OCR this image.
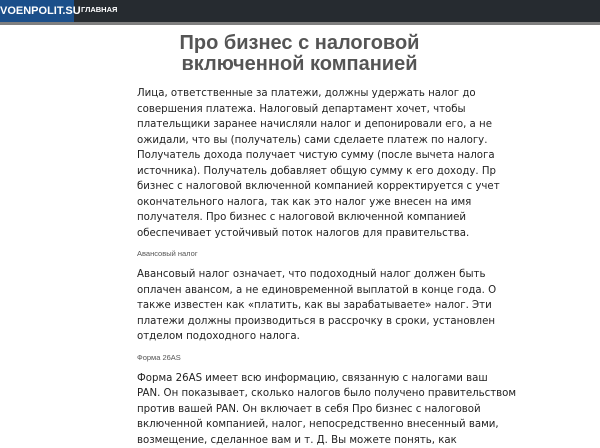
VOENPOLIT.SU ГЛАВНАЯ
Про бизнес с налоговой
включенной компанией
Лица, ответственные за платежи, должны удержать налог до
совершения платежа. Налоговый департамент хочет, чтобы
плательщики заранее начисляли налог и депонировали его, а не
ожидали, что вы (получатель) сами сделаете платеж по налогу.
Получатель дохода получает чистую сумму (после вычета налога
источника). Получатель добавляет общую сумму к его доходу. Пр
бизнес с налоговой включенной компанией корректируется с учет
окончательного налога, так как это налог уже внесен на имя
получателя. Про бизнес с налоговой включенной компанией
обеспечивает устойчивый поток налогов для правительства.
Авансовый налог
Авансовый налог означает, что подоходный налог должен быть
оплачен авансом, а не единовременной выплатой в конце года. О
также известен как «платить, как вы зарабатываете» налог. Эти
платежи должны производиться в рассрочку в сроки, установлен
отделом подоходного налога.
Форма 26AS
Форма 26AS имеет всю информацию, связанную с налогами ваш
PAN. Он показывает, сколько налогов было получено правительством
против вашей PAN. Он включает в себя Про бизнес с налоговой
включенной компанией, налог, непосредственно внесенный вами,
возмещение, сделанное вам и т. Д. Вы можете понять, как
